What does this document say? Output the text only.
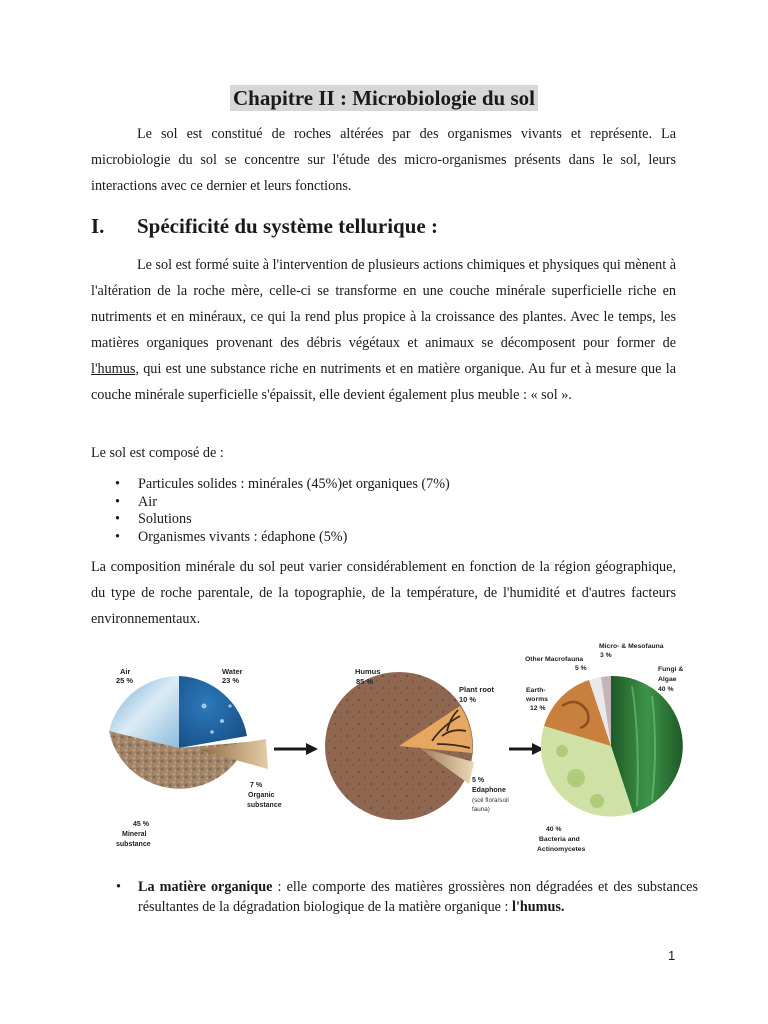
Chapitre II : Microbiologie du sol

Le sol est constitué de roches altérées par des organismes vivants et représente. La microbiologie du sol se concentre sur l'étude des micro-organismes présents dans le sol, leurs interactions avec ce dernier et leurs fonctions.

I. Spécificité du système tellurique :

Le sol est formé suite à l'intervention de plusieurs actions chimiques et physiques qui mènent à l'altération de la roche mère, celle-ci se transforme en une couche minérale superficielle riche en nutriments et en minéraux, ce qui la rend plus propice à la croissance des plantes. Avec le temps, les matières organiques provenant des débris végétaux et animaux se décomposent pour former de l'humus, qui est une substance riche en nutriments et en matière organique. Au fur et à mesure que la couche minérale superficielle s'épaissit, elle devient également plus meuble : « sol ».

Le sol est composé de :

• Particules solides : minérales (45%)et organiques (7%)
• Air
• Solutions
• Organismes vivants : édaphone (5%)

La composition minérale du sol peut varier considérablement en fonction de la région géographique, du type de roche parentale, de la topographie, de la température, de l'humidité et d'autres facteurs environnementaux.

Air
25 %
Water
23 %
45 %
Mineral
substance
7 %
Organic
substance
Humus
85 %
Plant root
10 %
5 %
Edaphone
(soil flora/soil
fauna)
Micro- & Mesofauna
3 %
Other Macrofauna
5 %	Fungi &
Algae
40 %
Earth-
worms
12 %
40 %
Bacteria and
Actinomycetes
• La matière organique : elle comporte des matières grossières non dégradées et des substances résultantes de la dégradation biologique de la matière organique : l'humus.
1
